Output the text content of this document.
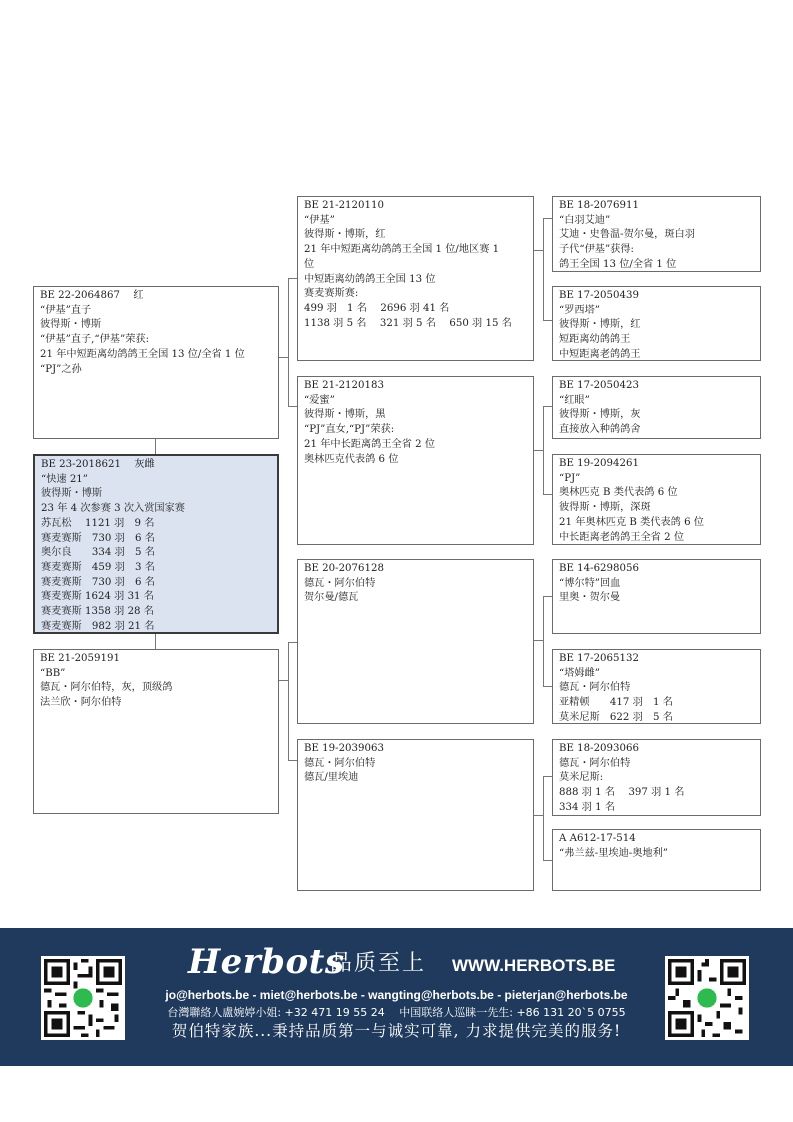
BE 22-2064867　 红
“伊基”直子
彼得斯・博斯
“伊基”直子,“伊基”荣获:
21 年中短距离幼鸽鸽王全国 13 位/全省 1 位
“PJ”之孙
BE 23-2018621　 灰雌
“快速 21”
彼得斯・博斯
23 年 4 次参赛 3 次入赏国家赛
苏瓦松　 1121 羽　9 名
赛麦赛斯　730 羽　6 名
奥尔良　　334 羽　5 名
赛麦赛斯　459 羽　3 名
赛麦赛斯　730 羽　6 名
赛麦赛斯 1624 羽 31 名
赛麦赛斯 1358 羽 28 名
赛麦赛斯　982 羽 21 名
BE 21-2059191
“BB”
德瓦・阿尔伯特，灰，顶级鸽
法兰欣・阿尔伯特
BE 21-2120110
“伊基”
彼得斯・博斯，红
21 年中短距离幼鸽鸽王全国 1 位/地区赛 1
位
中短距离幼鸽鸽王全国 13 位
赛麦赛斯赛:
499 羽　1 名　 2696 羽 41 名
1138 羽 5 名　 321 羽 5 名　 650 羽 15 名
BE 21-2120183
“爱蜜”
彼得斯・博斯，黑
“PJ”直女,“PJ”荣获:
21 年中长距离鸽王全省 2 位
奥林匹克代表鸽 6 位
BE 20-2076128
德瓦・阿尔伯特
贺尔曼/德瓦
BE 19-2039063
德瓦・阿尔伯特
德瓦/里埃迪
BE 18-2076911
“白羽艾迪”
艾迪・史鲁温-贺尔曼，斑白羽
子代“伊基”获得:
鸽王全国 13 位/全省 1 位
BE 17-2050439
“罗西塔”
彼得斯・博斯，红
短距离幼鸽鸽王
中短距离老鸽鸽王
BE 17-2050423
“红眼”
彼得斯・博斯，灰
直接放入种鸽鸽舍
BE 19-2094261
“PJ”
奥林匹克 B 类代表鸽 6 位
彼得斯・博斯，深斑
21 年奥林匹克 B 类代表鸽 6 位
中长距离老鸽鸽王全省 2 位
BE 14-6298056
“博尔特”回血
里奥・贺尔曼
BE 17-2065132
“塔姆雌”
德瓦・阿尔伯特
亚精顿　　417 羽　1 名
莫米尼斯　622 羽　5 名
BE 18-2093066
德瓦・阿尔伯特
莫米尼斯:
888 羽 1 名　 397 羽 1 名
334 羽 1 名
A A612-17-514
“弗兰兹-里埃迪-奥地利”
Herbots
品质至上 WWW.HERBOTS.BE
jo@herbots.be - miet@herbots.be - wangting@herbots.be - pieterjan@herbots.be
台灣聯絡人盧婉婷小姐: +32 471 19 55 24　 中国联络人巡睐一先生: +86 131 20`5 0755
贺伯特家族...秉持品质第一与诚实可靠, 力求提供完美的服务!
